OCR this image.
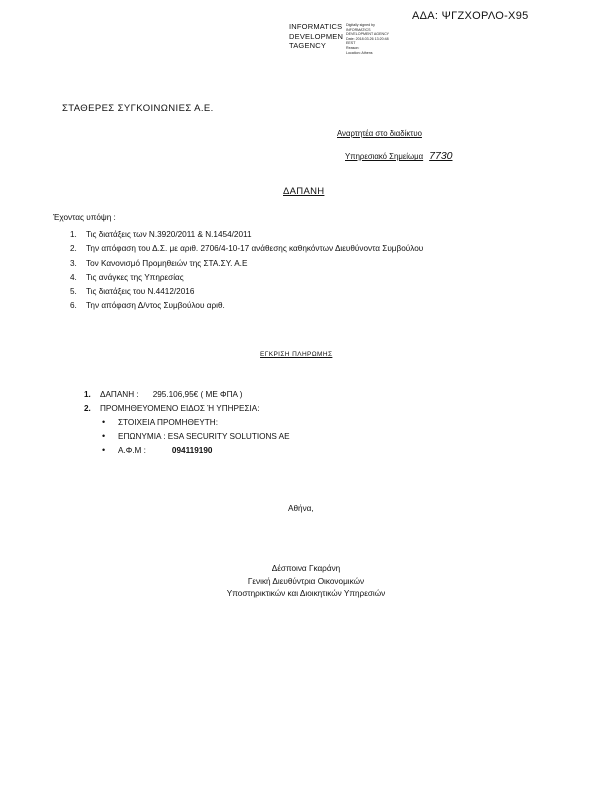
ΑΔΑ: ΨΓΖΧΟΡΛΟ-Χ95
INFORMATICS
DEVELOPMEN
TAGENCY
Digitally signed by
INFORMATICS
DEVELOPMENT AGENCY
Date: 2018.03.26 13:20:48
EEST
Reason:
Location: Athens
ΣΤΑΘΕΡΕΣ ΣΥΓΚΟΙΝΩΝΙΕΣ Α.Ε.
Αναρτητέα στο διαδίκτυο
Υπηρεσιακό Σημείωμα 7730
ΔΑΠΑΝΗ
Έχοντας υπόψη :
1. Τις διατάξεις των Ν.3920/2011 & Ν.1454/2011
2. Την απόφαση του Δ.Σ. με αριθ. 2706/4-10-17 ανάθεσης καθηκόντων Διευθύνοντα Συμβούλου
3. Τον Κανονισμό Προμηθειών της ΣΤΑ.ΣΥ. Α.Ε
4. Τις ανάγκες της Υπηρεσίας
5. Τις διατάξεις του Ν.4412/2016
6. Την απόφαση Δ/ντος Συμβούλου αριθ.
ΕΓΚΡΙΣΗ ΠΛΗΡΩΜΗΣ
1. ΔΑΠΑΝΗ : 295.106,95€ ( ΜΕ ΦΠΑ )
2. ΠΡΟΜΗΘΕΥΟΜΕΝΟ ΕΙΔΟΣ Ή ΥΠΗΡΕΣΙΑ:
• ΣΤΟΙΧΕΙΑ ΠΡΟΜΗΘΕΥΤΗ:
• ΕΠΩΝΥΜΙΑ : ESA SECURITY SOLUTIONS AE
• Α.Φ.Μ :	094119190
Αθήνα,
Δέσποινα Γκαράνη
Γενική Διευθύντρια Οικονομικών
Υποστηρικτικών και Διοικητικών Υπηρεσιών
